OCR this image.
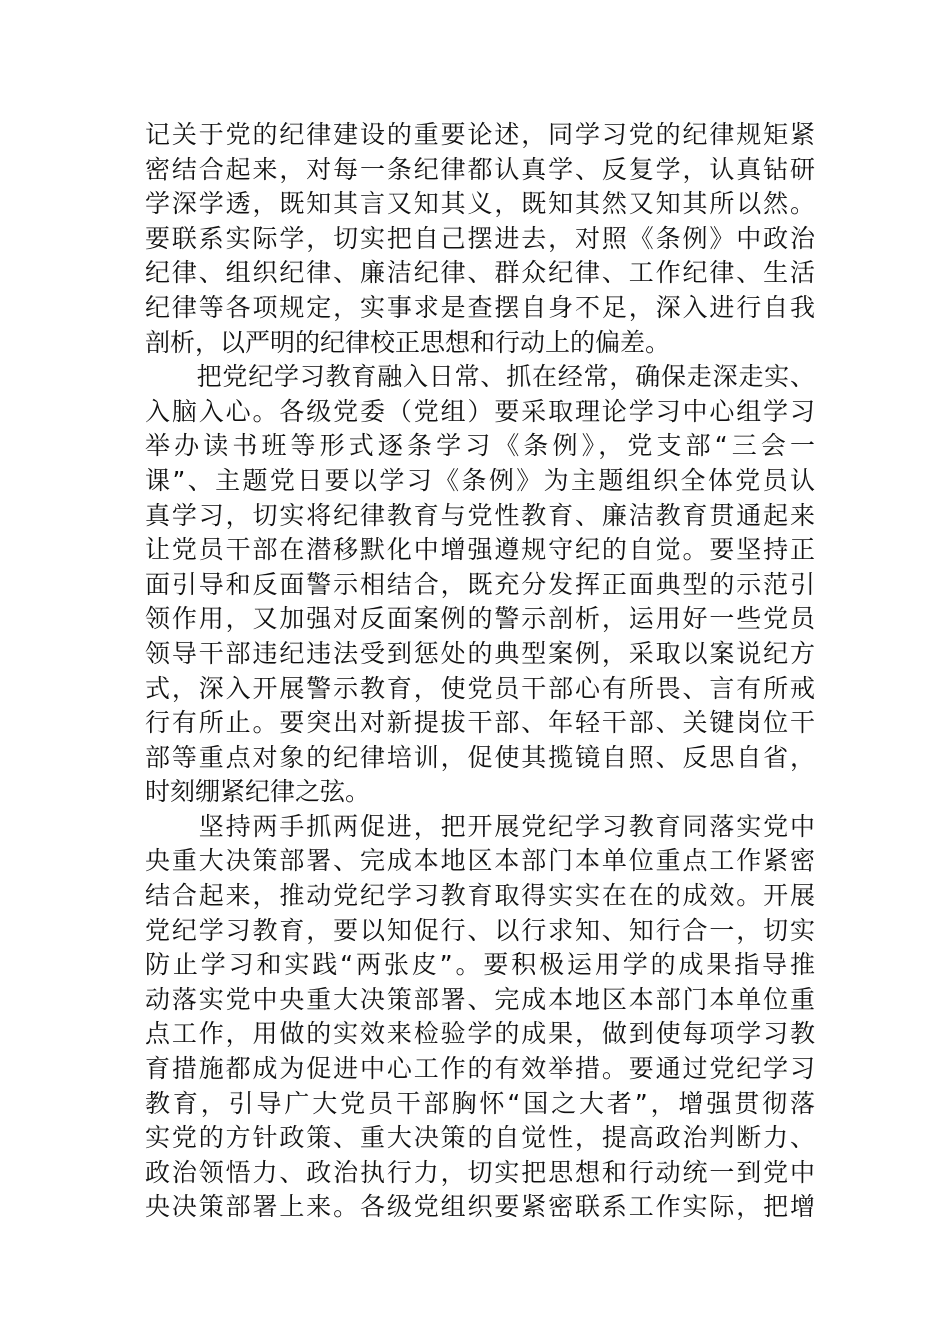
记关于党的纪律建设的重要论述，同学习党的纪律规矩紧
密结合起来，对每一条纪律都认真学、反复学，认真钻研
学深学透，既知其言又知其义，既知其然又知其所以然。
要联系实际学，切实把自己摆进去，对照《条例》中政治
纪律、组织纪律、廉洁纪律、群众纪律、工作纪律、生活
纪律等各项规定，实事求是查摆自身不足，深入进行自我
剖析，以严明的纪律校正思想和行动上的偏差。
　　把党纪学习教育融入日常、抓在经常，确保走深走实、
入脑入心。各级党委（党组）要采取理论学习中心组学习
举办读书班等形式逐条学习《条例》，党支部“三会一
课”、主题党日要以学习《条例》为主题组织全体党员认
真学习，切实将纪律教育与党性教育、廉洁教育贯通起来
让党员干部在潜移默化中增强遵规守纪的自觉。要坚持正
面引导和反面警示相结合，既充分发挥正面典型的示范引
领作用，又加强对反面案例的警示剖析，运用好一些党员
领导干部违纪违法受到惩处的典型案例，采取以案说纪方
式，深入开展警示教育，使党员干部心有所畏、言有所戒
行有所止。要突出对新提拔干部、年轻干部、关键岗位干
部等重点对象的纪律培训，促使其揽镜自照、反思自省，
时刻绷紧纪律之弦。
　　坚持两手抓两促进，把开展党纪学习教育同落实党中
央重大决策部署、完成本地区本部门本单位重点工作紧密
结合起来，推动党纪学习教育取得实实在在的成效。开展
党纪学习教育，要以知促行、以行求知、知行合一，切实
防止学习和实践“两张皮”。要积极运用学的成果指导推
动落实党中央重大决策部署、完成本地区本部门本单位重
点工作，用做的实效来检验学的成果，做到使每项学习教
育措施都成为促进中心工作的有效举措。要通过党纪学习
教育，引导广大党员干部胸怀“国之大者”，增强贯彻落
实党的方针政策、重大决策的自觉性，提高政治判断力、
政治领悟力、政治执行力，切实把思想和行动统一到党中
央决策部署上来。各级党组织要紧密联系工作实际，把增
